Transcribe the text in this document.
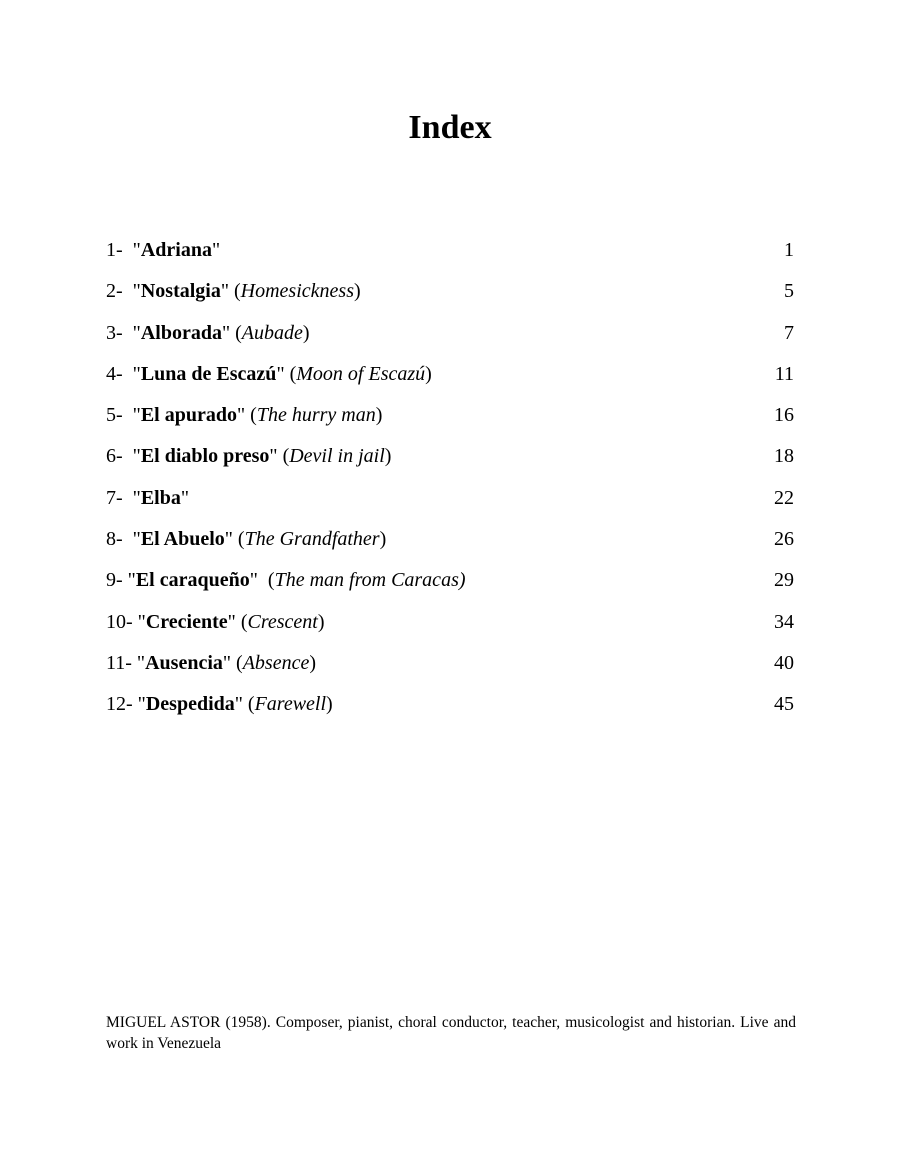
Index
1-  "Adriana"	1
2-  "Nostalgia" (Homesickness)	5
3-  "Alborada" (Aubade)	7
4-  "Luna de Escazú" (Moon of Escazú)	11
5-  "El apurado" (The hurry man)	16
6-  "El diablo preso" (Devil in jail)	18
7-  "Elba"	22
8-  "El Abuelo" (The Grandfather)	26
9- "El caraqueño"  (The man from Caracas)	29
10- "Creciente" (Crescent)	34
11- "Ausencia" (Absence)	40
12- "Despedida" (Farewell)	45

MIGUEL ASTOR (1958). Composer, pianist, choral conductor, teacher, musicologist and historian. Live and work in Venezuela
